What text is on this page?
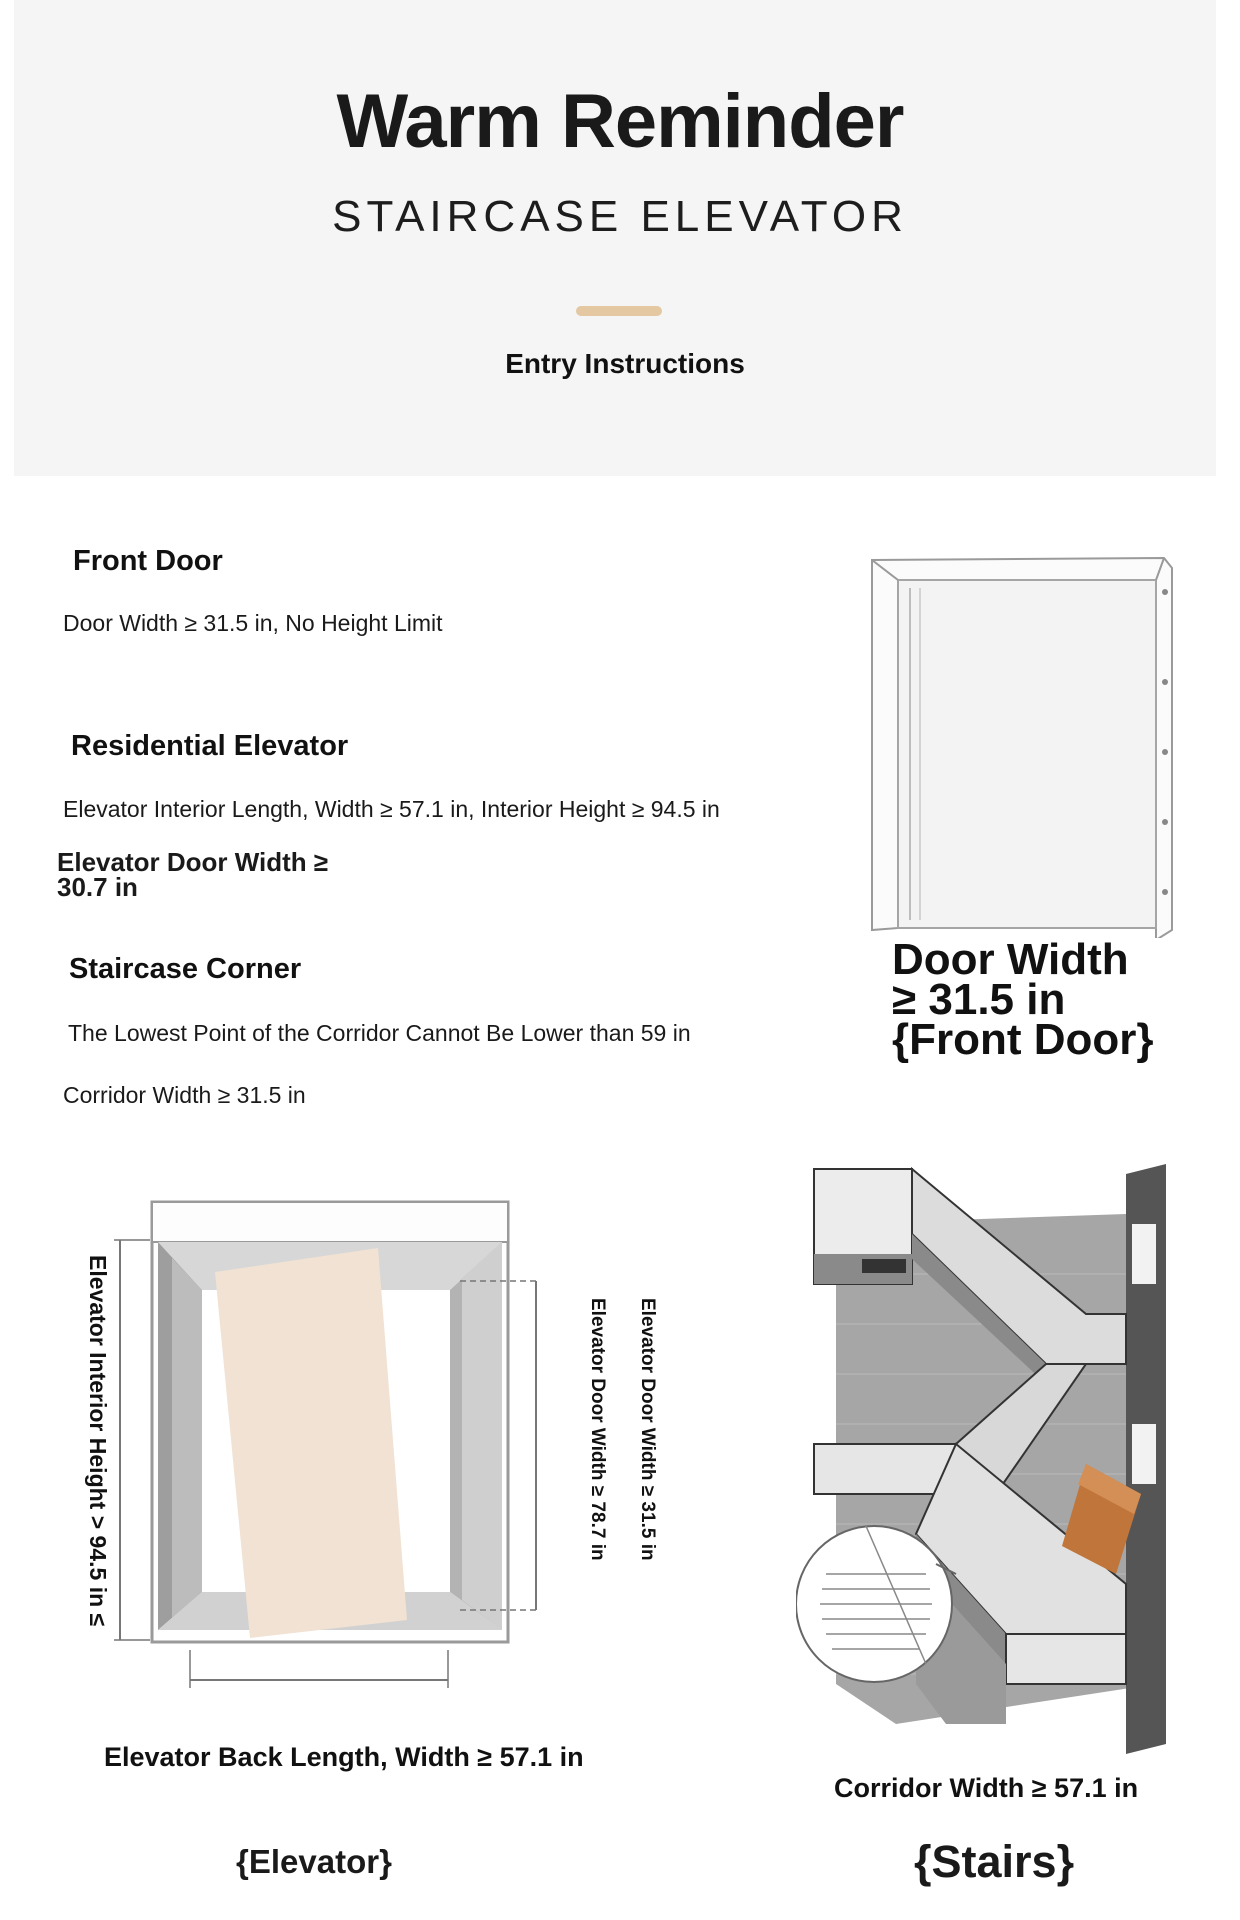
Warm Reminder
STAIRCASE ELEVATOR
Entry Instructions
Front Door
Door Width ≥ 31.5 in, No Height Limit
Residential Elevator
Elevator Interior Length, Width ≥ 57.1 in, Interior Height ≥ 94.5 in
Elevator Door Width ≥
30.7 in
Staircase Corner
The Lowest Point of the Corridor Cannot Be Lower than 59 in
Corridor Width ≥ 31.5 in
Door Width
≥ 31.5 in
{Front Door}
Elevator Interior Height > 94.5 in ≤	Elevator Door Width ≥ 78.7 in Elevator Door Width ≥ 31.5 in
Elevator Back Length, Width ≥ 57.1 in
{Elevator}
Corridor Width ≥ 57.1 in
{Stairs}
